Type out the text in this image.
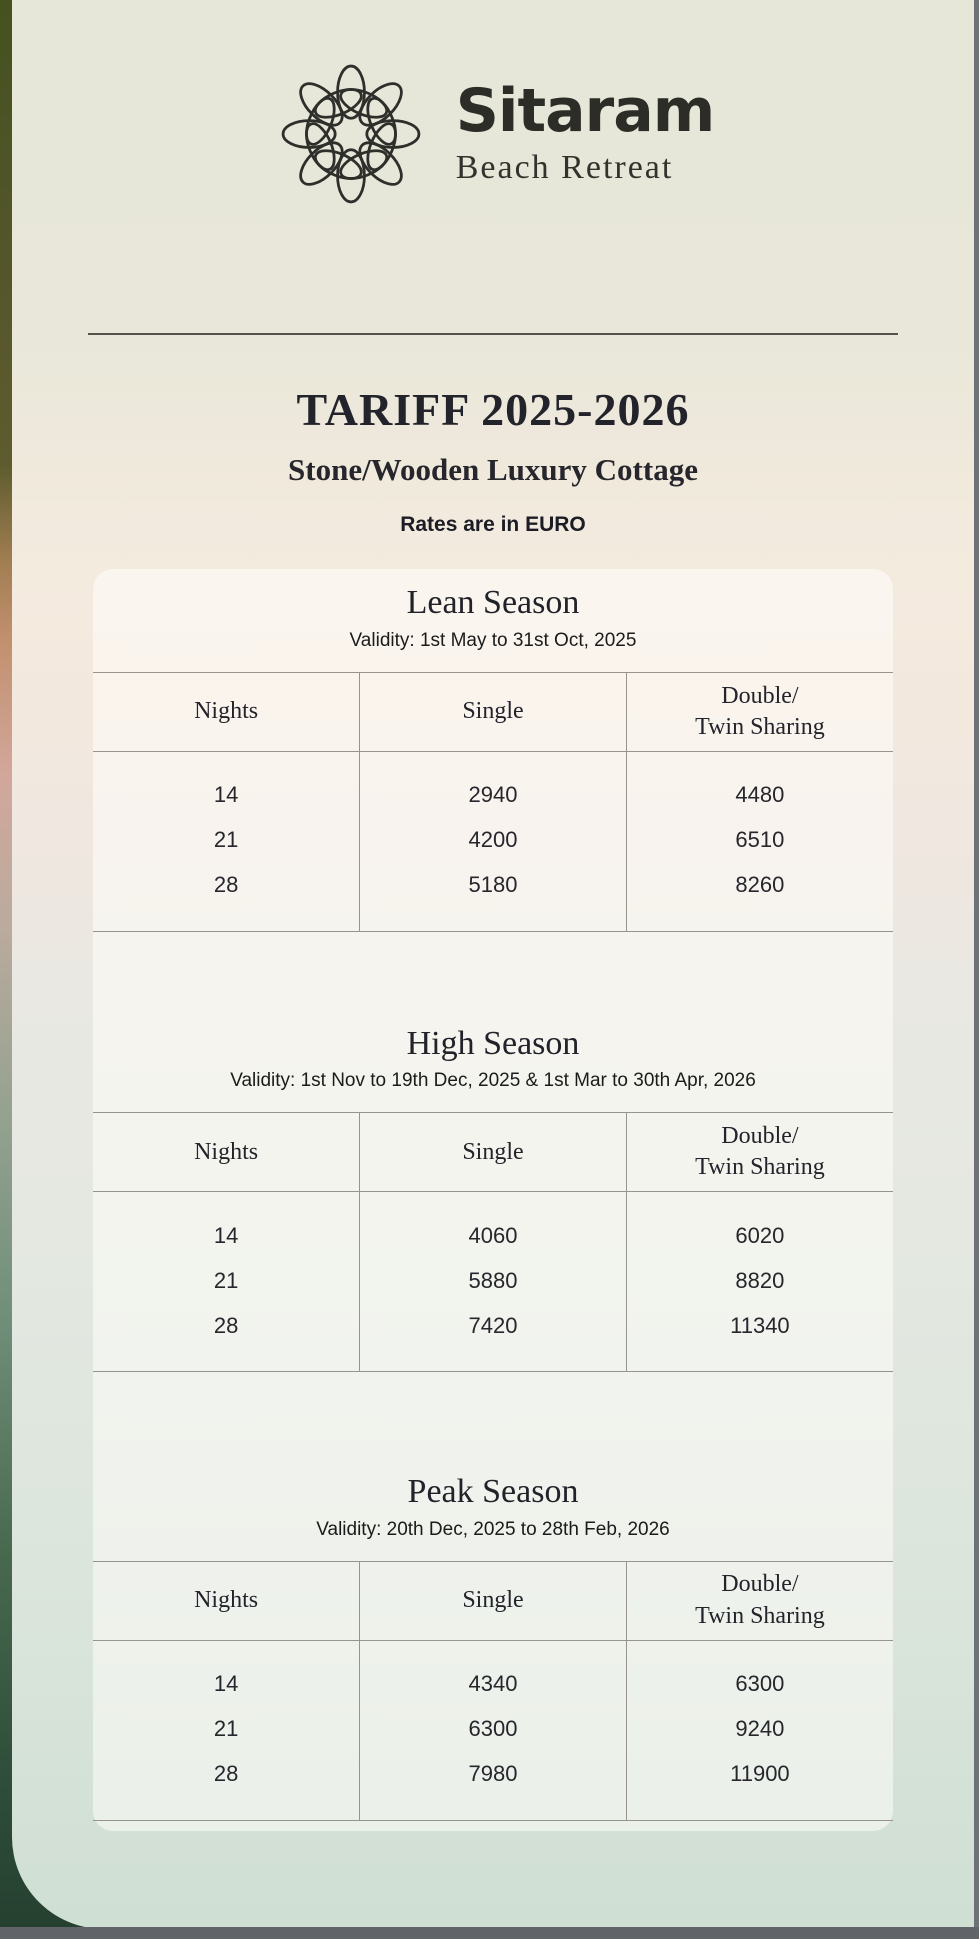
Sitaram
Beach Retreat
TARIFF 2025-2026
Stone/Wooden Luxury Cottage
Rates are in EURO
Lean Season

Validity: 1st May to 31st Oct, 2025

Nights	Single	Double/
Twin Sharing

14	2940	4480
21	4200	6510
28	5180	8260
High Season

Validity: 1st Nov to 19th Dec, 2025 & 1st Mar to 30th Apr, 2026

Nights	Single	Double/
Twin Sharing

14	4060	6020
21	5880	8820
28	7420	11340
Peak Season

Validity: 20th Dec, 2025 to 28th Feb, 2026

Nights	Single	Double/
Twin Sharing

14	4340	6300
21	6300	9240
28	7980	11900
